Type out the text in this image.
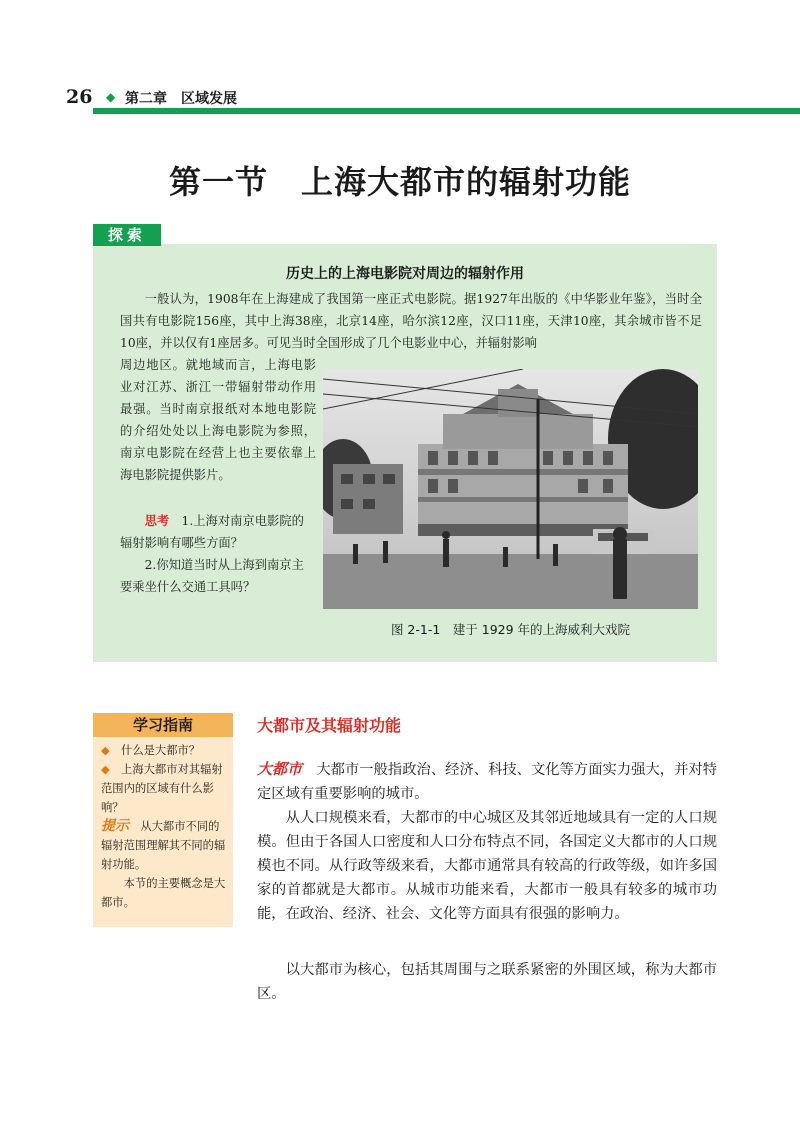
26 ◆ 第二章　区域发展
第一节　上海大都市的辐射功能
探索
历史上的上海电影院对周边的辐射作用
一般认为，1908年在上海建成了我国第一座正式电影院。据1927年出版的《中华影业年鉴》，当时全国共有电影院156座，其中上海38座，北京14座，哈尔滨12座，汉口11座，天津10座，其余城市皆不足10座，并以仅有1座居多。可见当时全国形成了几个电影业中心，并辐射影响
周边地区。就地域而言，上海电影业对江苏、浙江一带辐射带动作用最强。当时南京报纸对本地电影院的介绍处处以上海电影院为参照，南京电影院在经营上也主要依靠上海电影院提供影片。
思考　 1.上海对南京电影院的辐射影响有哪些方面？
2.你知道当时从上海到南京主要乘坐什么交通工具吗？
图 2-1-1　建于 1929 年的上海威利大戏院
学习指南
◆　 什么是大都市？
◆　 上海大都市对其辐射范围内的区域有什么影响？
提示　 从大都市不同的辐射范围理解其不同的辐射功能。
本节的主要概念是大都市。
大都市及其辐射功能
大都市　 大都市一般指政治、经济、科技、文化等方面实力强大，并对特定区域有重要影响的城市。
从人口规模来看，大都市的中心城区及其邻近地域具有一定的人口规模。但由于各国人口密度和人口分布特点不同，各国定义大都市的人口规模也不同。从行政等级来看，大都市通常具有较高的行政等级，如许多国家的首都就是大都市。从城市功能来看，大都市一般具有较多的城市功能，在政治、经济、社会、文化等方面具有很强的影响力。
以大都市为核心，包括其周围与之联系紧密的外围区域，称为大都市区。
